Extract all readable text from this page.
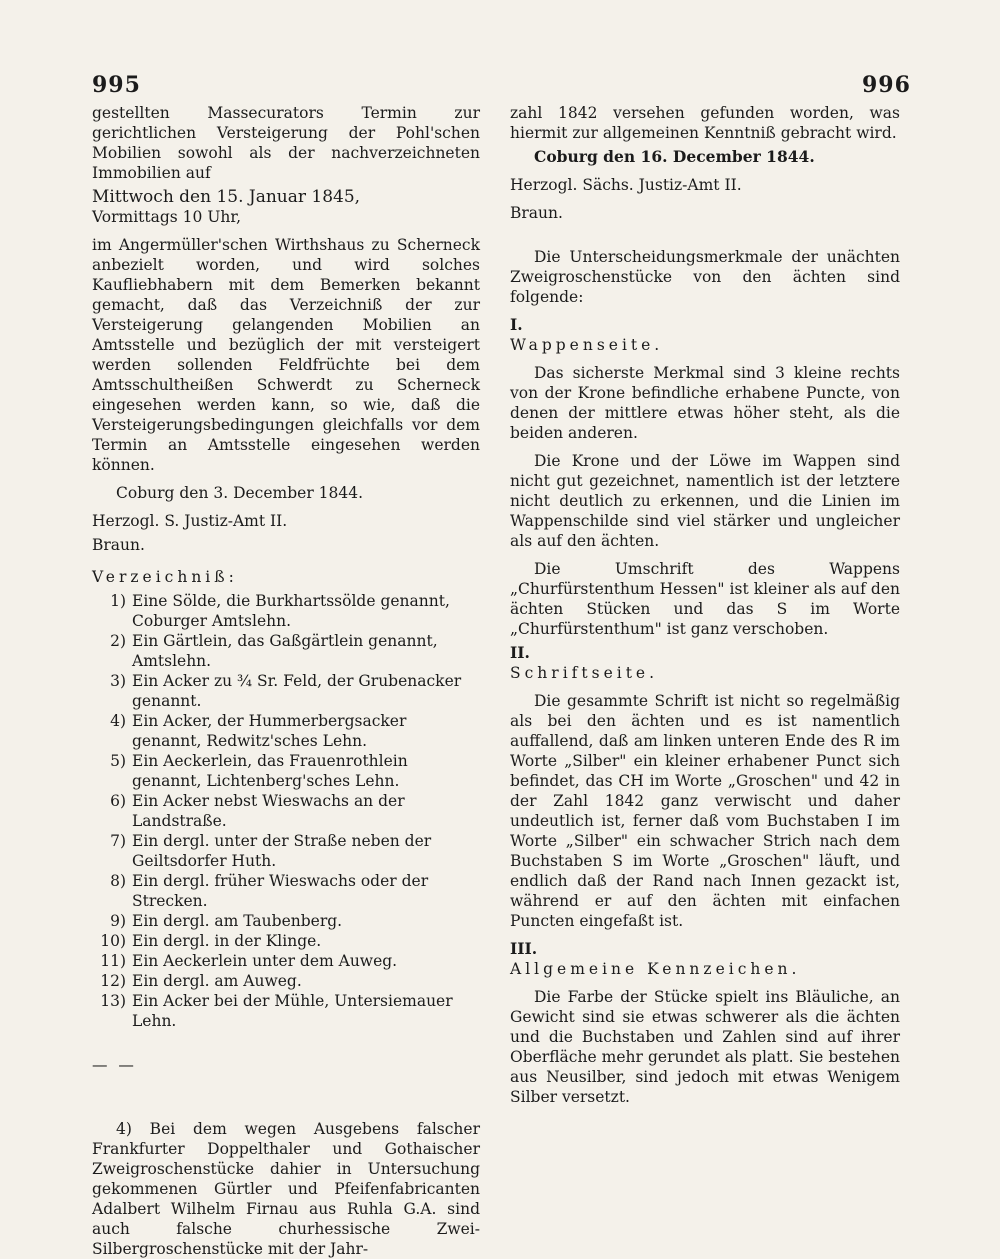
995	996

gestellten Massecurators Termin zur gerichtlichen Versteigerung der Pohl'schen Mobilien sowohl als der nachverzeichneten Immobilien auf

Mittwoch den 15. Januar 1845,

Vormittags 10 Uhr,

im Angermüller'schen Wirthshaus zu Scherneck anbezielt worden, und wird solches Kaufliebhabern mit dem Bemerken bekannt gemacht, daß das Verzeichniß der zur Versteigerung gelangenden Mobilien an Amtsstelle und bezüglich der mit versteigert werden sollenden Feldfrüchte bei dem Amtsschultheißen Schwerdt zu Scherneck eingesehen werden kann, so wie, daß die Versteigerungsbedingungen gleichfalls vor dem Termin an Amtsstelle eingesehen werden können.

Coburg den 3. December 1844.

Herzogl. S. Justiz-Amt II.

Braun.

Verzeichniß:

1) Eine Sölde, die Burkhartssölde genannt, Coburger Amtslehn.
2) Ein Gärtlein, das Gaßgärtlein genannt, Amtslehn.
3) Ein Acker zu ¾ Sr. Feld, der Grubenacker genannt.
4) Ein Acker, der Hummerbergsacker genannt, Redwitz'sches Lehn.
5) Ein Aeckerlein, das Frauenrothlein genannt, Lichtenberg'sches Lehn.
6) Ein Acker nebst Wieswachs an der Landstraße.
7) Ein dergl. unter der Straße neben der Geiltsdorfer Huth.
8) Ein dergl. früher Wieswachs oder der Strecken.
9) Ein dergl. am Taubenberg.
10) Ein dergl. in der Klinge.
11) Ein Aeckerlein unter dem Auweg.
12) Ein dergl. am Auweg.
13) Ein Acker bei der Mühle, Untersiemauer Lehn.

— —

4) Bei dem wegen Ausgebens falscher Frankfurter Doppelthaler und Gothaischer Zweigroschenstücke dahier in Untersuchung gekommenen Gürtler und Pfeifenfabricanten Adalbert Wilhelm Firnau aus Ruhla G.A. sind auch falsche churhessische Zwei-Silbergroschenstücke mit der Jahr-

zahl 1842 versehen gefunden worden, was hiermit zur allgemeinen Kenntniß gebracht wird.

Coburg den 16. December 1844.

Herzogl. Sächs. Justiz-Amt II.

Braun.

Die Unterscheidungsmerkmale der unächten Zweigroschenstücke von den ächten sind folgende:

I.

Wappenseite.

Das sicherste Merkmal sind 3 kleine rechts von der Krone befindliche erhabene Puncte, von denen der mittlere etwas höher steht, als die beiden anderen.

Die Krone und der Löwe im Wappen sind nicht gut gezeichnet, namentlich ist der letztere nicht deutlich zu erkennen, und die Linien im Wappenschilde sind viel stärker und ungleicher als auf den ächten.

Die Umschrift des Wappens „Churfürstenthum Hessen" ist kleiner als auf den ächten Stücken und das S im Worte „Churfürstenthum" ist ganz verschoben.

II.

Schriftseite.

Die gesammte Schrift ist nicht so regelmäßig als bei den ächten und es ist namentlich auffallend, daß am linken unteren Ende des R im Worte „Silber" ein kleiner erhabener Punct sich befindet, das CH im Worte „Groschen" und 42 in der Zahl 1842 ganz verwischt und daher undeutlich ist, ferner daß vom Buchstaben I im Worte „Silber" ein schwacher Strich nach dem Buchstaben S im Worte „Groschen" läuft, und endlich daß der Rand nach Innen gezackt ist, während er auf den ächten mit einfachen Puncten eingefaßt ist.

III.

Allgemeine Kennzeichen.

Die Farbe der Stücke spielt ins Bläuliche, an Gewicht sind sie etwas schwerer als die ächten und die Buchstaben und Zahlen sind auf ihrer Oberfläche mehr gerundet als platt. Sie bestehen aus Neusilber, sind jedoch mit etwas Wenigem Silber versetzt.
